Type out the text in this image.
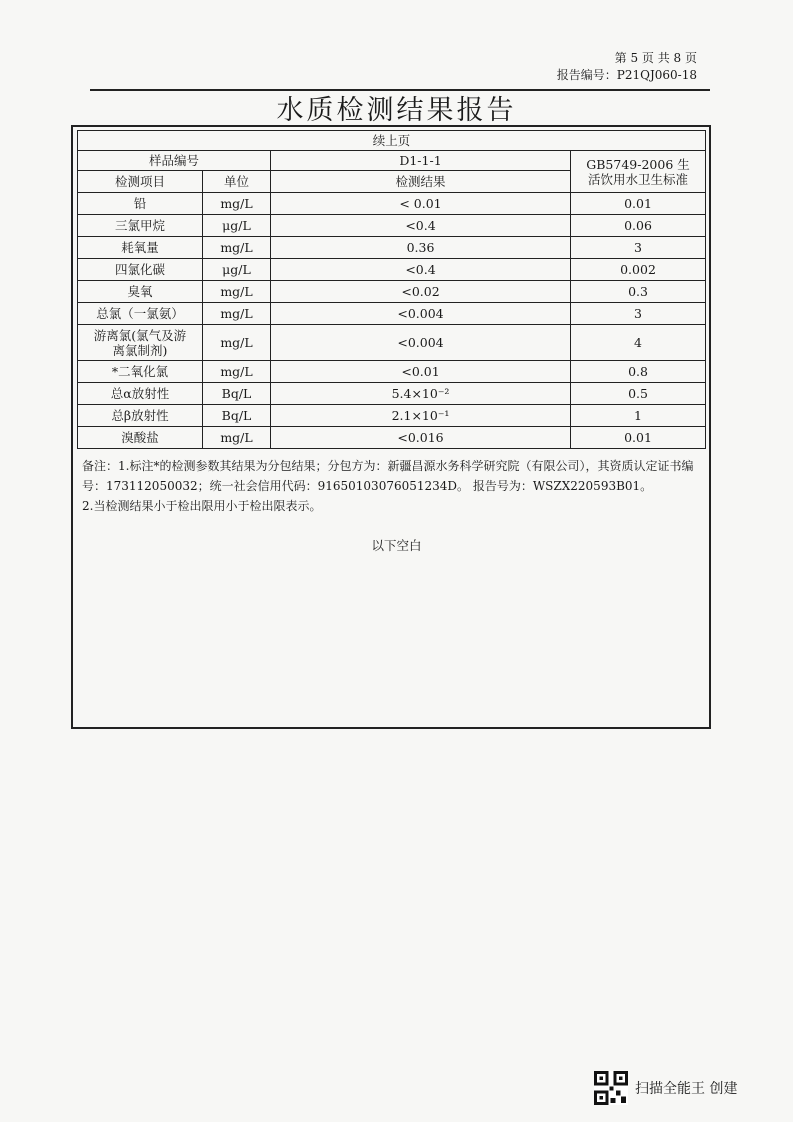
第 5 页 共 8 页
报告编号：P21QJ060-18
水质检测结果报告
续上页			
样品编号		D1-1-1	GB5749-2006 生活饮用水卫生标准
检测项目	单位	检测结果	
铅	mg/L	< 0.01	0.01
三氯甲烷	μg/L	<0.4	0.06
耗氧量	mg/L	0.36	3
四氯化碳	μg/L	<0.4	0.002
臭氧	mg/L	<0.02	0.3
总氯（一氯氨）	mg/L	<0.004	3
游离氯(氯气及游离氯制剂)	mg/L	<0.004	4
*二氧化氯	mg/L	<0.01	0.8
总α放射性	Bq/L	5.4×10⁻²	0.5
总β放射性	Bq/L	2.1×10⁻¹	1
溴酸盐	mg/L	<0.016	0.01
备注：1.标注*的检测参数其结果为分包结果；分包方为：新疆昌源水务科学研究院（有限公司），其资质认定证书编号：173112050032；统一社会信用代码：91650103076051234D。 报告号为：WSZX220593B01。
2.当检测结果小于检出限用小于检出限表示。
以下空白
扫描全能王 创建
